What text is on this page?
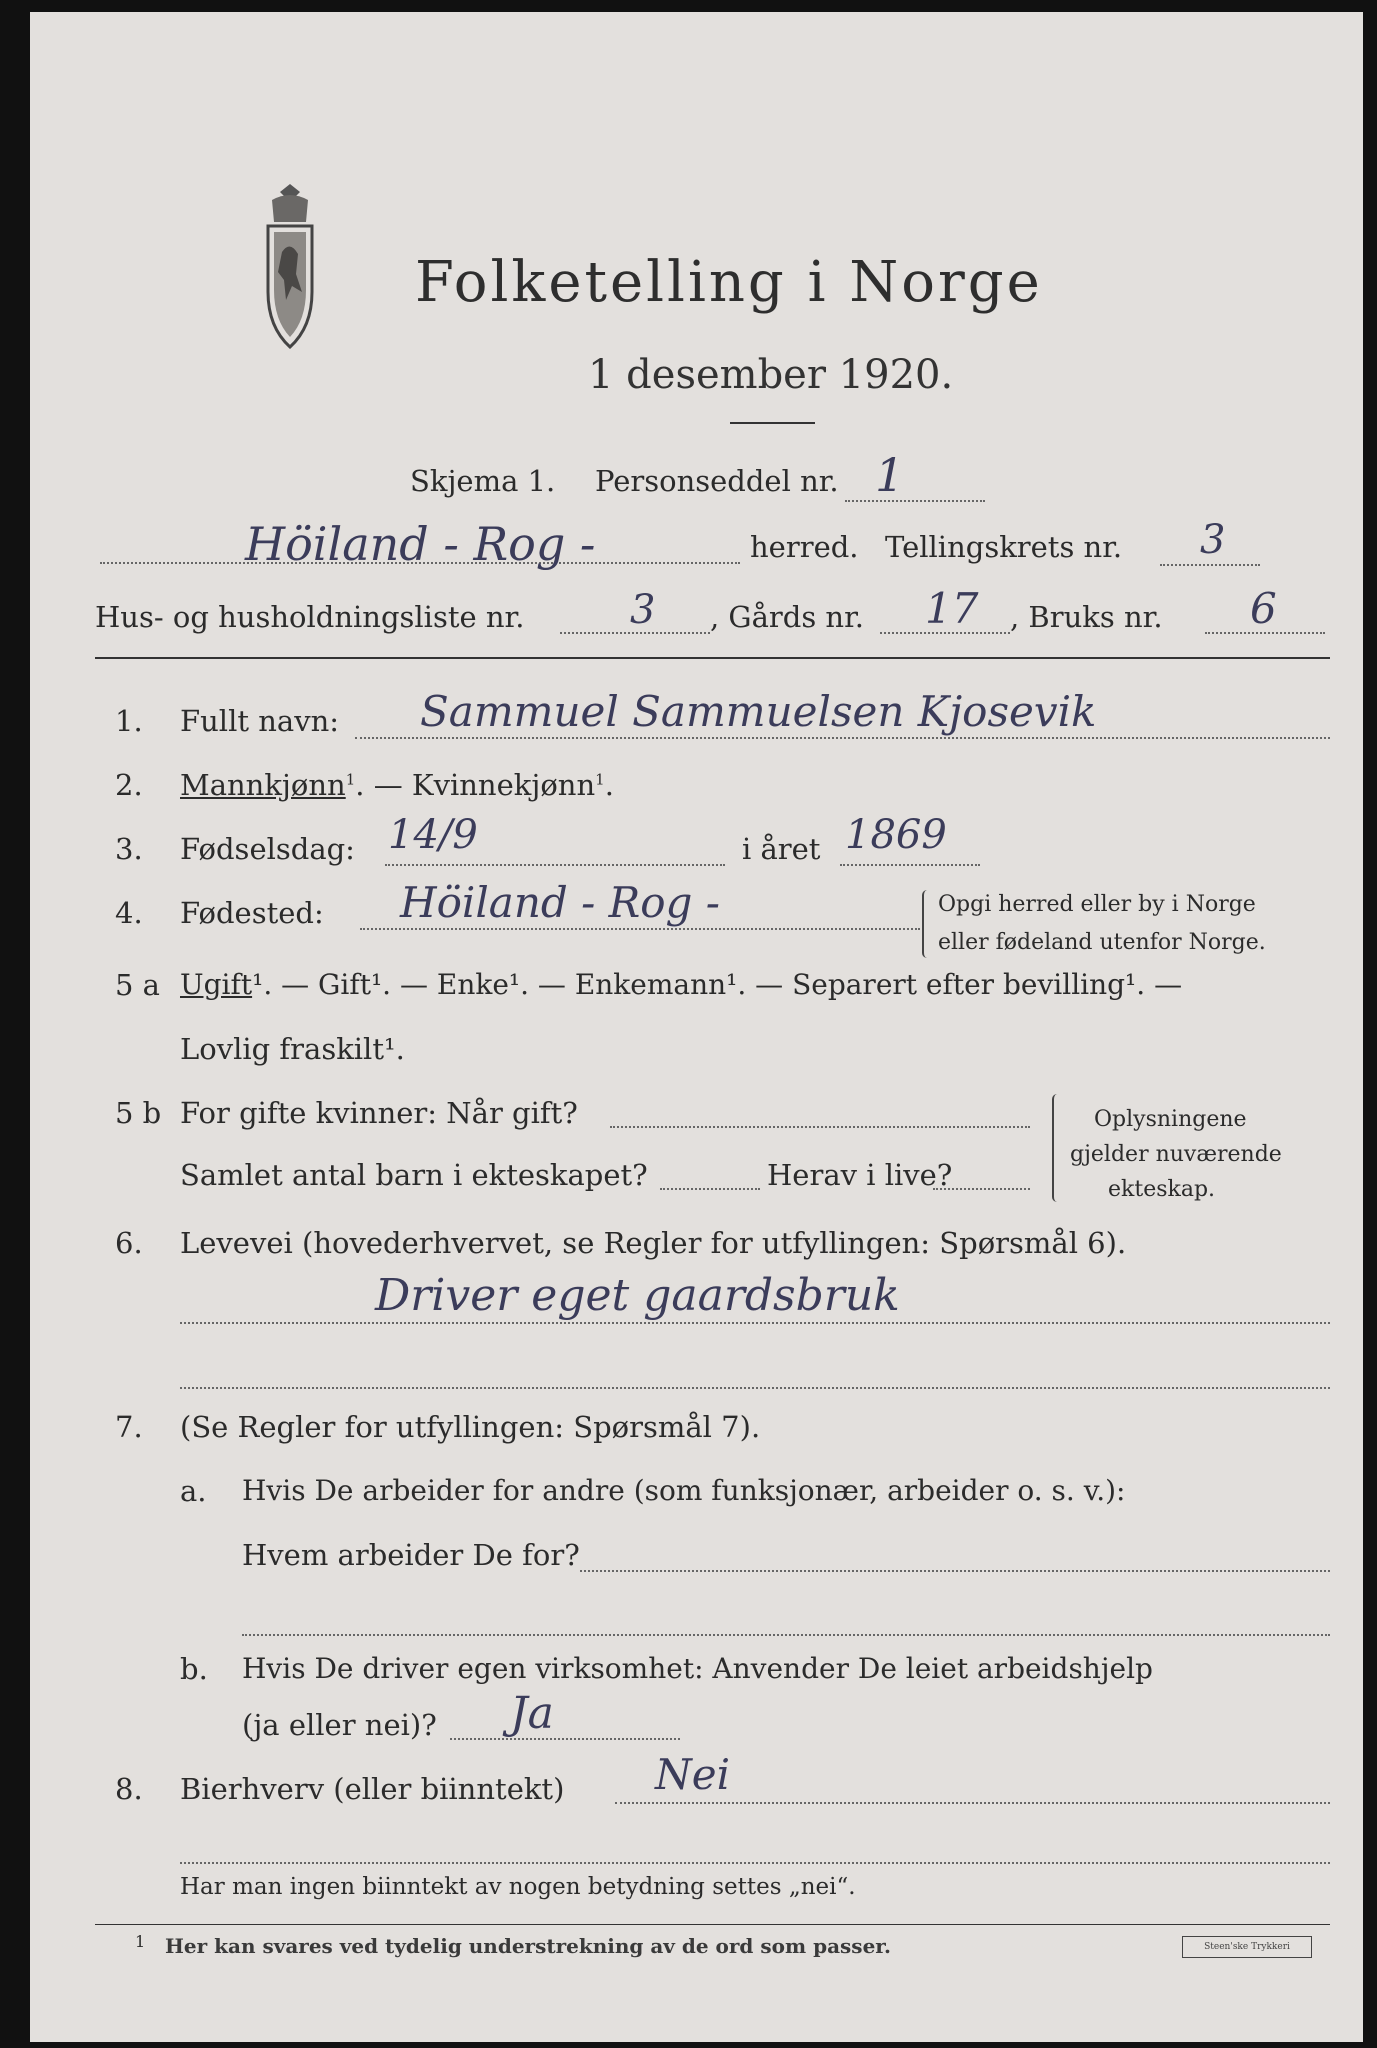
Folketelling i Norge
1 desember 1920.
Skjema 1. Personseddel nr. 1
Höiland - Rog -	herred. Tellingskrets nr. 3
Hus- og husholdningsliste nr.	3 , Gårds nr. 17 , Bruks nr. 6
1. Fullt navn: Sammuel Sammuelsen Kjosevik
2. Mannkjønn$^1$. — Kvinnekjønn$^1$.
3. Fødselsdag: 14/9	i året 1869
4. Fødested: Höiland - Rog -	Opgi herred eller by i Norge
eller fødeland utenfor Norge.
5 a Ugift¹. — Gift¹. — Enke¹. — Enkemann¹. — Separert efter bevilling¹. —
Lovlig fraskilt¹.
5 b For gifte kvinner: Når gift?
Samlet antal barn i ekteskapet?	Herav i live?
Oplysningene
gjelder nuværende
ekteskap.
6. Levevei (hovederhvervet, se Regler for utfyllingen: Spørsmål 6).
Driver eget gaardsbruk
7. (Se Regler for utfyllingen: Spørsmål 7).
a. Hvis De arbeider for andre (som funksjonær, arbeider o. s. v.):
Hvem arbeider De for?
b. Hvis De driver egen virksomhet: Anvender De leiet arbeidshjelp
(ja eller nei)? Ja
8. Bierhverv (eller biinntekt) Nei
Har man ingen biinntekt av nogen betydning settes „nei“.
1 Her kan svares ved tydelig understrekning av de ord som passer.	Steen'ske Trykkeri
